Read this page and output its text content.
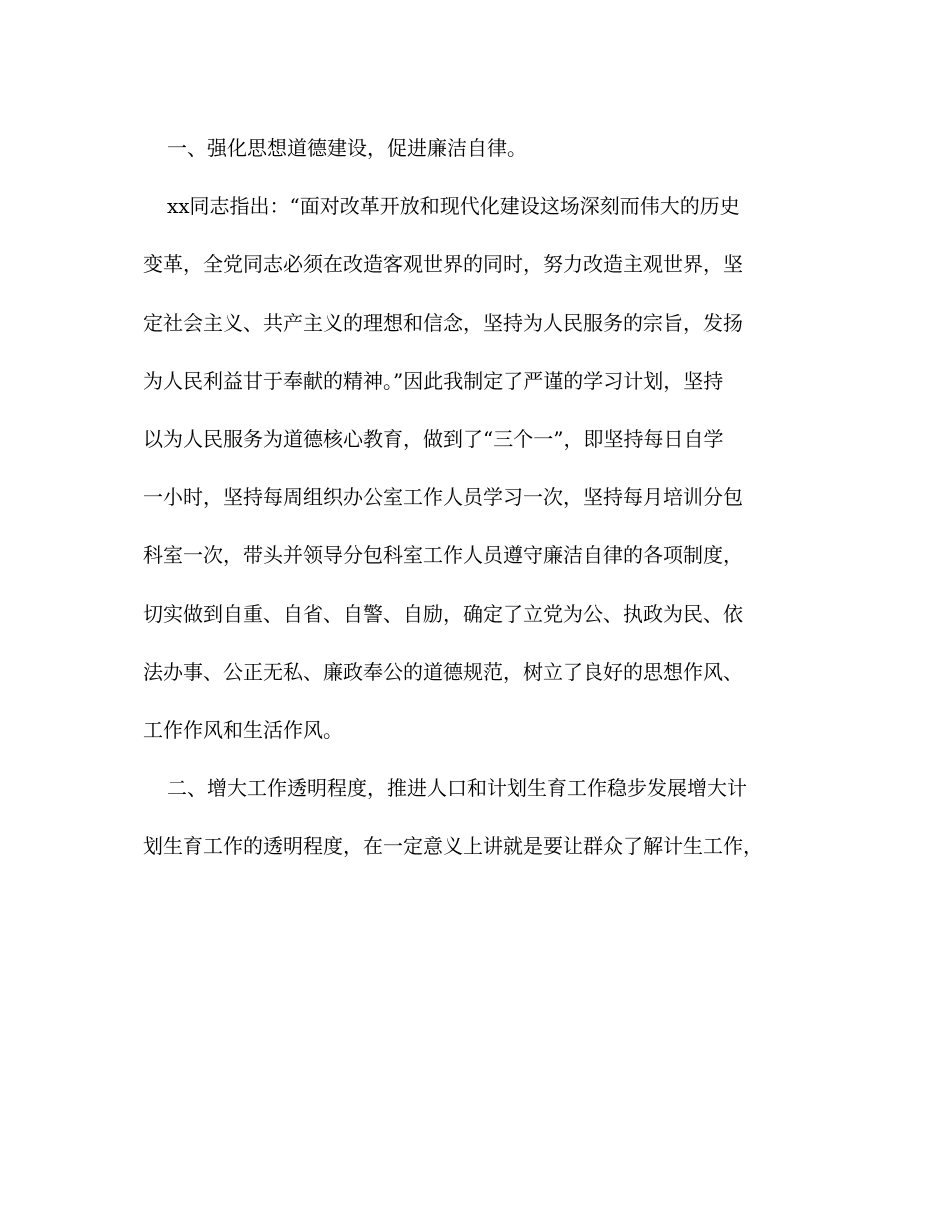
一、强化思想道德建设，促进廉洁自律。
xx同志指出：“面对改革开放和现代化建设这场深刻而伟大的历史
变革，全党同志必须在改造客观世界的同时，努力改造主观世界，坚
定社会主义、共产主义的理想和信念，坚持为人民服务的宗旨，发扬
为人民利益甘于奉献的精神。”因此我制定了严谨的学习计划，坚持
以为人民服务为道德核心教育，做到了“三个一”，即坚持每日自学
一小时，坚持每周组织办公室工作人员学习一次，坚持每月培训分包
科室一次，带头并领导分包科室工作人员遵守廉洁自律的各项制度，
切实做到自重、自省、自警、自励，确定了立党为公、执政为民、依
法办事、公正无私、廉政奉公的道德规范，树立了良好的思想作风、
工作作风和生活作风。
二、增大工作透明程度，推进人口和计划生育工作稳步发展增大计
划生育工作的透明程度，在一定意义上讲就是要让群众了解计生工作，
